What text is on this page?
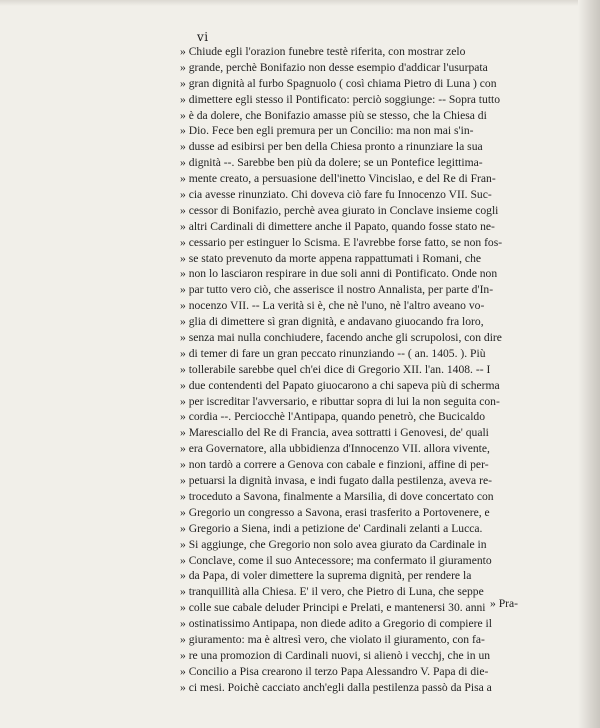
vi
» Chiude egli l'orazion funebre testè riferita, con mostrar zelo
» grande, perchè Bonifazio non desse esempio d'addicar l'usurpata
» gran dignità al furbo Spagnuolo ( così chiama Pietro di Luna ) con
» dimettere egli stesso il Pontificato: perciò soggiunge: -- Sopra tutto
» è da dolere, che Bonifazio amasse più se stesso, che la Chiesa di
» Dio. Fece ben egli premura per un Concilio: ma non mai s'in-
» dusse ad esibirsi per ben della Chiesa pronto a rinunziare la sua
» dignità --. Sarebbe ben più da dolere; se un Pontefice legittima-
» mente creato, a persuasione dell'inetto Vincislao, e del Re di Fran-
» cia avesse rinunziato. Chi doveva ciò fare fu Innocenzo VII. Suc-
» cessor di Bonifazio, perchè avea giurato in Conclave insieme cogli
» altri Cardinali di dimettere anche il Papato, quando fosse stato ne-
» cessario per estinguer lo Scisma. E l'avrebbe forse fatto, se non fos-
» se stato prevenuto da morte appena rappattumati i Romani, che
» non lo lasciaron respirare in due soli anni di Pontificato. Onde non
» par tutto vero ciò, che asserisce il nostro Annalista, per parte d'In-
» nocenzo VII. -- La verità si è, che nè l'uno, nè l'altro aveano vo-
» glia di dimettere sì gran dignità, e andavano giuocando fra loro,
» senza mai nulla conchiudere, facendo anche gli scrupolosi, con dire
» di temer di fare un gran peccato rinunziando -- ( an. 1405. ). Più
» tollerabile sarebbe quel ch'ei dice di Gregorio XII. l'an. 1408. -- I
» due contendenti del Papato giuocarono a chi sapeva più di scherma
» per iscreditar l'avversario, e ributtar sopra di lui la non seguita con-
» cordia --. Perciocchè l'Antipapa, quando penetrò, che Bucicaldo
» Maresciallo del Re di Francia, avea sottratti i Genovesi, de' quali
» era Governatore, alla ubbidienza d'Innocenzo VII. allora vivente,
» non tardò a correre a Genova con cabale e finzioni, affine di per-
» petuarsi la dignità invasa, e indi fugato dalla pestilenza, aveva re-
» troceduto a Savona, finalmente a Marsilia, di dove concertato con
» Gregorio un congresso a Savona, erasi trasferito a Portovenere, e
» Gregorio a Siena, indi a petizione de' Cardinali zelanti a Lucca.
» Si aggiunge, che Gregorio non solo avea giurato da Cardinale in
» Conclave, come il suo Antecessore; ma confermato il giuramento
» da Papa, di voler dimettere la suprema dignità, per rendere la
» tranquillità alla Chiesa. E' il vero, che Pietro di Luna, che seppe
» colle sue cabale deluder Principi e Prelati, e mantenersi 30. anni
» ostinatissimo Antipapa, non diede adito a Gregorio di compiere il
» giuramento: ma è altresì vero, che violato il giuramento, con fa-
» re una promozion di Cardinali nuovi, si alienò i vecchj, che in un
» Concilio a Pisa crearono il terzo Papa Alessandro V. Papa di die-
» ci mesi. Poichè cacciato anch'egli dalla pestilenza passò da Pisa a
» Pra-
